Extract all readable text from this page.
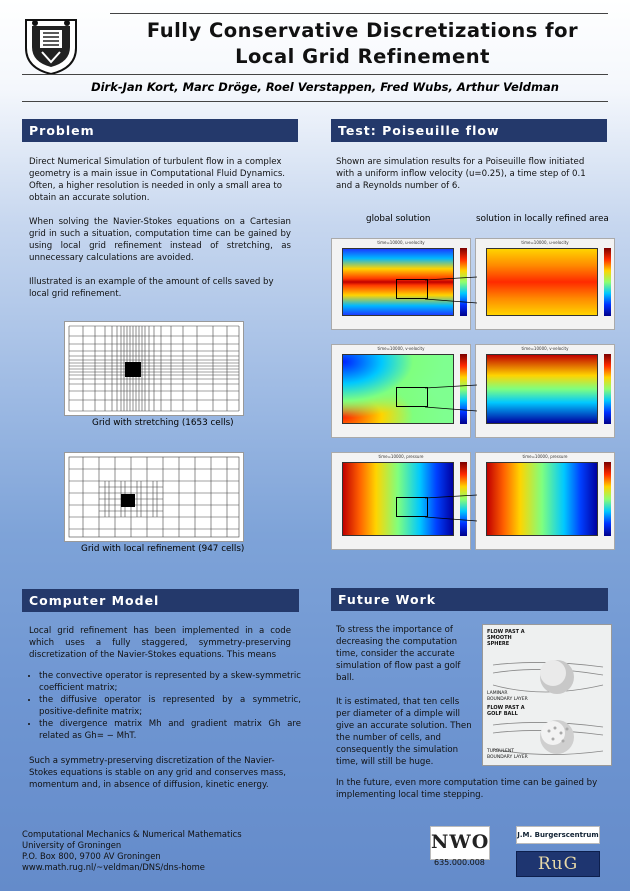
Fully Conservative Discretizations for
Local Grid Refinement
Dirk-Jan Kort, Marc Dröge, Roel Verstappen, Fred Wubs, Arthur Veldman
Problem
Direct Numerical Simulation of turbulent flow in a complex geometry is a main issue in Computational Fluid Dynamics. Often, a higher resolution is needed in only a small area to obtain an accurate solution.
When solving the Navier-Stokes equations on a Cartesian grid in such a situation, computation time can be gained by using local grid refinement instead of stretching, as unnecessary calculations are avoided.
Illustrated is an example of the amount of cells saved by local grid refinement.
Grid with stretching (1653 cells)
Grid with local refinement (947 cells)
Test: Poiseuille flow
Shown are simulation results for a Poiseuille flow initiated with a uniform inflow velocity (u=0.25), a time step of 0.1 and a Reynolds number of 6.
global solution	solution in locally refined area
time=10000, u-velocity	time=10000, u-velocity
time=10000, v-velocity	time=10000, v-velocity
time=10000, pressure	time=10000, pressure
Computer Model
Local grid refinement has been implemented in a code which uses a fully staggered, symmetry-preserving discretization of the Navier-Stokes equations. This means
• the convective operator is represented by a skew-symmetric coefficient matrix;
• the diffusive operator is represented by a symmetric, positive-definite matrix;
• the divergence matrix Mh and gradient matrix Gh are related as Gh= − MhT.
Such a symmetry-preserving discretization of the Navier-Stokes equations is stable on any grid and conserves mass, momentum and, in absence of diffusion, kinetic energy.
Future Work
To stress the importance of decreasing the computation time, consider the accurate simulation of flow past a golf ball.
It is estimated, that ten cells per diameter of a dimple will give an accurate solution. Then the number of cells, and consequently the simulation time, will still be huge.
In the future, even more computation time can be gained by implementing local time stepping.
FLOW PAST A SMOOTH SPHERE
LAMINAR BOUNDARY LAYER
FLOW PAST A GOLF BALL
TURBULENT BOUNDARY LAYER
Computational Mechanics & Numerical Mathematics
University of Groningen
P.O. Box 800, 9700 AV Groningen
www.math.rug.nl/~veldman/DNS/dns-home
NWO
635.000.008
J.M. Burgerscentrum
RuG
